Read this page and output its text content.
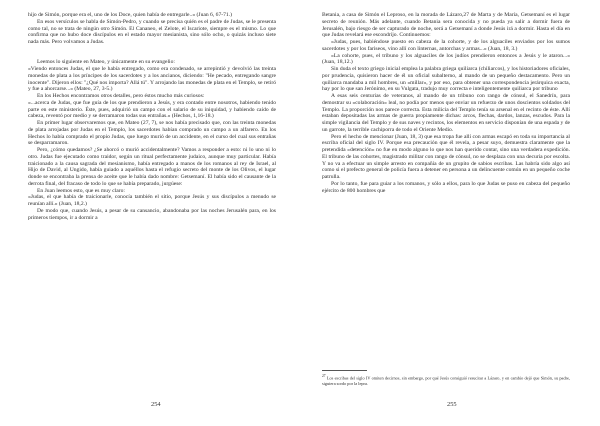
hijo de Simón, porque era el, uno de los Doce, quien había de entregarle..» (Juan 6, 67-71.)

En esos versículos se habla de Simón-Pedro, y cuando se precisa quién es el padre de Judas, se le presenta como tal, no se trata de ningún otro Simón. El Cananeo, el Zelote, el Iscariote, siempre es el mismo. Lo que confirma que no hubo doce discípulos en el estado mayor mesianista, sino sólo ocho, o quizás incluso siete nada más. Pero volvamos a Judas.

Leemos lo siguiente en Mateo, y únicamente en su evangelio:

«Viendo entonces Judas, el que le había entregado, como era condenado, se arrepintió y devolvió las treinta monedas de plata a los príncipes de los sacerdotes y a los ancianos, diciendo: "He pecado, entregando sangre inocente". Dijeron ellos: "¿Qué nos importa? Allá tú". Y arrojando las monedas de plata en el Templo, se retiró y fue a ahorcarse...» (Mateo, 27, 3-5.)

En los Hechos encontramos otros detalles, pero éstos mucho más curiosos:

«...acerca de Judas, que fue guía de los que prendieron a Jesús, y era contado entre nosotros, habiendo tenido parte en este ministerio. Éste, pues, adquirió un campo con el salario de su iniquidad, y habiendo caído de cabeza, reventó por medio y se derramaron todas sus entrañas.» (Hechos, 1,16-18.)

En primer lugar observaremos que, en Mateo (27, 7), se nos había precisado que, con las treinta monedas de plata arrojadas por Judas en el Templo, los sacerdotes habían comprado un campo a un alfarero. En los Hechos lo había comprado el propio Judas, que luego murió de un accidente, en el curso del cual sus entrañas se desparramaron.

Pero, ¿cómo quedamos? ¿Se ahorcó o murió accidentalmente? Vamos a responder a esto: ni lo uno ni lo otro. Judas fue ejecutado como traidor, según un ritual perfectamente judaico, aunque muy particular. Había traicionado a la causa sagrada del mesianismo, había entregado a manos de los romanos al rey de Israel, al Hijo de David, al Ungido, había guiado a aquéllos hasta el refugio secreto del monte de los Olivos, el lugar donde se encontraba la prensa de aceite que le había dado nombre: Getsemaní. El había sido el causante de la derrota final, del fracaso de todo lo que se había preparado, jurgúese:

En Juan leemos esto, que es muy claro:

«Judas, el que había de traicionarle, conocía también el sitio, porque Jesús y sus discípulos a menudo se reunían allí.» (Juan, 18,2.)

De modo que, cuando Jesús, a pesar de su cansancio, abandonaba por las noches Jerusalén para, en los primeros tiempos, ir a dormir a

254

Betania, a casa de Simón el Leproso, en la morada de Lázaro,27 de Marta y de María, Getsemaní es el lugar secreto de reunión. Más adelante, cuando Betania sera conocida y no pueda ya salir a dormir fuera de Jerusalén, bajo riesgo de ser capturado de noche, será a Getsemaní a donde Jesús irá a dormir. Hasta el día en que Judas revelará ese escondrijo. Continuemos:

«Judas, pues, habiéndose puesto en cabeza de la cohorte, y de los alguaciles enviados por los sumos sacerdotes y por los fariseos, vino allí con linternas, antorchas y armas...» (Juan, 18, 3.)

«La cohorte, pues, el tribuno y los alguaciles de los judíos prendieron entonces a Jesús y le ataron...» (Juan, 18,12.)

Sin duda el texto griego inicial emplea la palabra griega quiliarca (chiliarcos), y los historiadores oficiales, por prudencia, quisieron hacer de él un oficial subalterno, al mando de un pequeño destacamento. Pero un quiliarca mandaba a mil hombres, un «millar», y por eso, para obtener una correspondencia jerárquica exacta, hay por lo que san Jerónimo, en su Vulgata, tradujo muy correcta e inteligentemente quiliarca por tribuno

A esas seis centurias de veteranos, al mando de un tribuno con rango de cónsul, el Sanedrín, para demostrar su «colaboración» leal, no podía por menos que enviar un refuerzo de unos doscientos soldados del Templo. La proporción nos parece correcta. Esta milicia del Templo tenía su arsenal en el recinto de éste. Allí estaban depositadas las armas de guerra propiamente dichas: arcos, flechas, dardos, lanzas, escudos. Para la simple vigilancia del Templo y de sus naves y recintos, los elementos en servicio disponían de una espada y de un garrote, la terrible cachiporra de todo el Oriente Medio.

Pero el hecho de mencionar (Juan, 18, 3) que esa tropa fue allí con armas escapó en toda su importancia al escriba oficial del siglo IV. Porque esa precaución que él revela, a pesar suyo, demuestra claramente que la pretendida «detención» no fue en modo alguno lo que nos han querido contar, sino una verdadera expedición. El tribuno de las cohortes, magistrado militar con rango de cónsul, no se desplaza con una decuria por escolta. Y no va a efectuar un simple arresto en compañía de un grupito de sabios escribas. Las habría sido algo así como si el prefecto general de policía fuera a detener en persona a un delincuente común en un pequeño coche patrulla.

Por lo tanto, fue para guiar a los romanos, y sólo a ellos, para lo que Judas se puso en cabeza del pequeño ejército de 800 hombres que

$^{27}$ Los escribas del siglo IV omiten decirnos, sin embargo, por qué Jesús consiguió resucitar a Lázaro, y en cambio dejó que Simón, su padre, siguiera sordo por la lepra.
255
